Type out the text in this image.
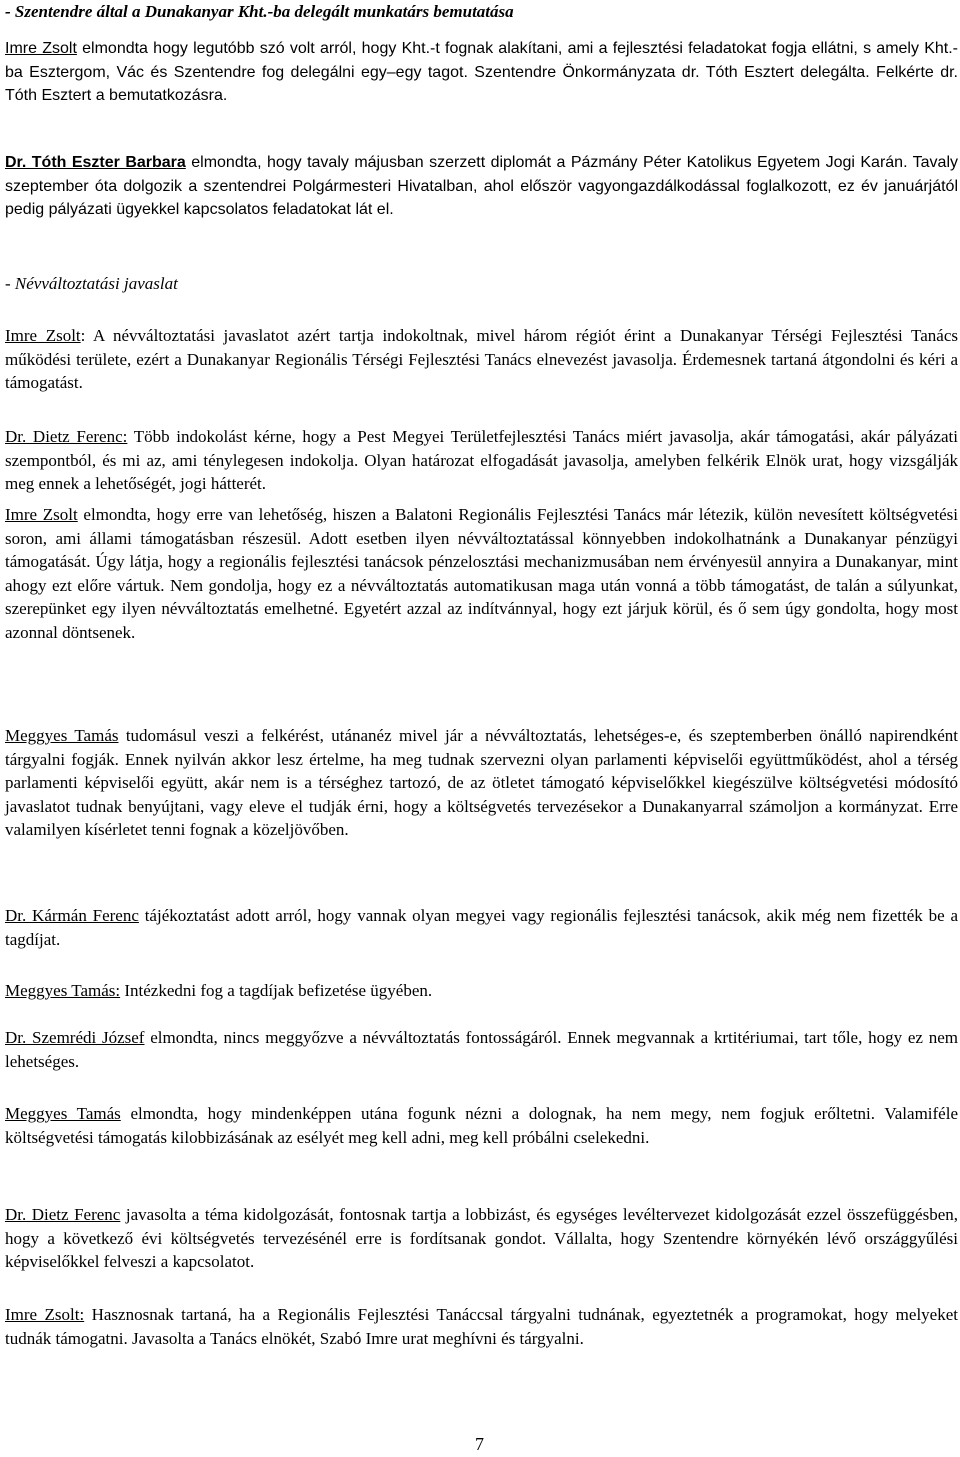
- Szentendre által a Dunakanyar Kht.-ba delegált munkatárs bemutatása

Imre Zsolt elmondta hogy legutóbb szó volt arról, hogy Kht.-t fognak alakítani, ami a fejlesztési feladatokat fogja ellátni, s amely Kht.-ba Esztergom, Vác és Szentendre fog delegálni egy–egy tagot. Szentendre Önkormányzata dr. Tóth Esztert delegálta. Felkérte dr. Tóth Esztert a bemutatkozásra.

Dr. Tóth Eszter Barbara elmondta, hogy tavaly májusban szerzett diplomát a Pázmány Péter Katolikus Egyetem Jogi Karán. Tavaly szeptember óta dolgozik a szentendrei Polgármesteri Hivatalban, ahol először vagyongazdálkodással foglalkozott, ez év januárjától pedig pályázati ügyekkel kapcsolatos feladatokat lát el.

- Névváltoztatási javaslat

Imre Zsolt: A névváltoztatási javaslatot azért tartja indokoltnak, mivel három régiót érint a Dunakanyar Térségi Fejlesztési Tanács működési területe, ezért a Dunakanyar Regionális Térségi Fejlesztési Tanács elnevezést javasolja. Érdemesnek tartaná átgondolni és kéri a támogatást.

Dr. Dietz Ferenc: Több indokolást kérne, hogy a Pest Megyei Területfejlesztési Tanács miért javasolja, akár támogatási, akár pályázati szempontból, és mi az, ami ténylegesen indokolja. Olyan határozat elfogadását javasolja, amelyben felkérik Elnök urat, hogy vizsgálják meg ennek a lehetőségét, jogi hátterét.

Imre Zsolt elmondta, hogy erre van lehetőség, hiszen a Balatoni Regionális Fejlesztési Tanács már létezik, külön nevesített költségvetési soron, ami állami támogatásban részesül. Adott esetben ilyen névváltoztatással könnyebben indokolhatnánk a Dunakanyar pénzügyi támogatását. Úgy látja, hogy a regionális fejlesztési tanácsok pénzelosztási mechanizmusában nem érvényesül annyira a Dunakanyar, mint ahogy ezt előre vártuk. Nem gondolja, hogy ez a névváltoztatás automatikusan maga után vonná a több támogatást, de talán a súlyunkat, szerepünket egy ilyen névváltoztatás emelhetné. Egyetért azzal az indítvánnyal, hogy ezt járjuk körül, és ő sem úgy gondolta, hogy most azonnal döntsenek.

Meggyes Tamás tudomásul veszi a felkérést, utánanéz mivel jár a névváltoztatás, lehetséges-e, és szeptemberben önálló napirendként tárgyalni fogják. Ennek nyilván akkor lesz értelme, ha meg tudnak szervezni olyan parlamenti képviselői együttműködést, ahol a térség parlamenti képviselői együtt, akár nem is a térséghez tartozó, de az ötletet támogató képviselőkkel kiegészülve költségvetési módosító javaslatot tudnak benyújtani, vagy eleve el tudják érni, hogy a költségvetés tervezésekor a Dunakanyarral számoljon a kormányzat. Erre valamilyen kísérletet tenni fognak a közeljövőben.

Dr. Kármán Ferenc tájékoztatást adott arról, hogy vannak olyan megyei vagy regionális fejlesztési tanácsok, akik még nem fizették be a tagdíjat.

Meggyes Tamás: Intézkedni fog a tagdíjak befizetése ügyében.

Dr. Szemrédi József elmondta, nincs meggyőzve a névváltoztatás fontosságáról. Ennek megvannak a krtitériumai, tart tőle, hogy ez nem lehetséges.

Meggyes Tamás elmondta, hogy mindenképpen utána fogunk nézni a dolognak, ha nem megy, nem fogjuk erőltetni. Valamiféle költségvetési támogatás kilobbizásának az esélyét meg kell adni, meg kell próbálni cselekedni.

Dr. Dietz Ferenc javasolta a téma kidolgozását, fontosnak tartja a lobbizást, és egységes levéltervezet kidolgozását ezzel összefüggésben, hogy a következő évi költségvetés tervezésénél erre is fordítsanak gondot. Vállalta, hogy Szentendre környékén lévő országgyűlési képviselőkkel felveszi a kapcsolatot.

Imre Zsolt: Hasznosnak tartaná, ha a Regionális Fejlesztési Tanáccsal tárgyalni tudnának, egyeztetnék a programokat, hogy melyeket tudnák támogatni. Javasolta a Tanács elnökét, Szabó Imre urat meghívni és tárgyalni.

7
